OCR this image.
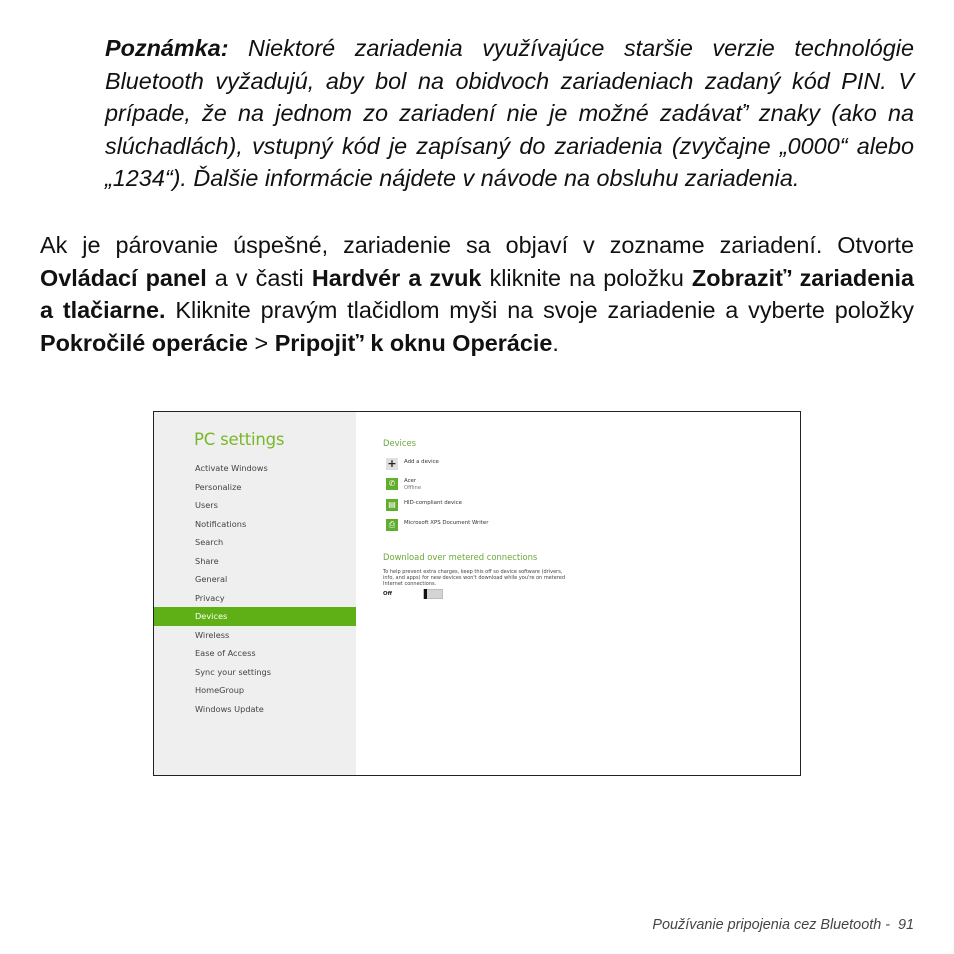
Poznámka: Niektoré zariadenia využívajúce staršie verzie technológie Bluetooth vyžadujú, aby bol na obidvoch zariadeniach zadaný kód PIN. V prípade, že na jednom zo zariadení nie je možné zadávať’ znaky (ako na slúchadlách), vstupný kód je zapísaný do zariadenia (zvyčajne „0000“ alebo „1234“). Ďalšie informácie nájdete v návode na obsluhu zariadenia.

Ak je párovanie úspešné, zariadenie sa objaví v zozname zariadení. Otvorte Ovládací panel a v časti Hardvér a zvuk kliknite na položku Zobraziť’ zariadenia a tlačiarne. Kliknite pravým tlačidlom myši na svoje zariadenie a vyberte položky Pokročilé operácie > Pripojiť’ k oknu Operácie.

PC settings
Activate Windows
Personalize
Users
Notifications
Search
Share
General
Privacy
Devices
Wireless
Ease of Access
Sync your settings
HomeGroup
Windows Update
Devices
+ Add a device
✆	Acer
Offline
▤	HID-compliant device
⎙	Microsoft XPS Document Writer
Download over metered connections
To help prevent extra charges, keep this off so device software (drivers, info, and apps) for new devices won't download while you're on metered Internet connections.
Off
Používanie pripojenia cez Bluetooth -  91
